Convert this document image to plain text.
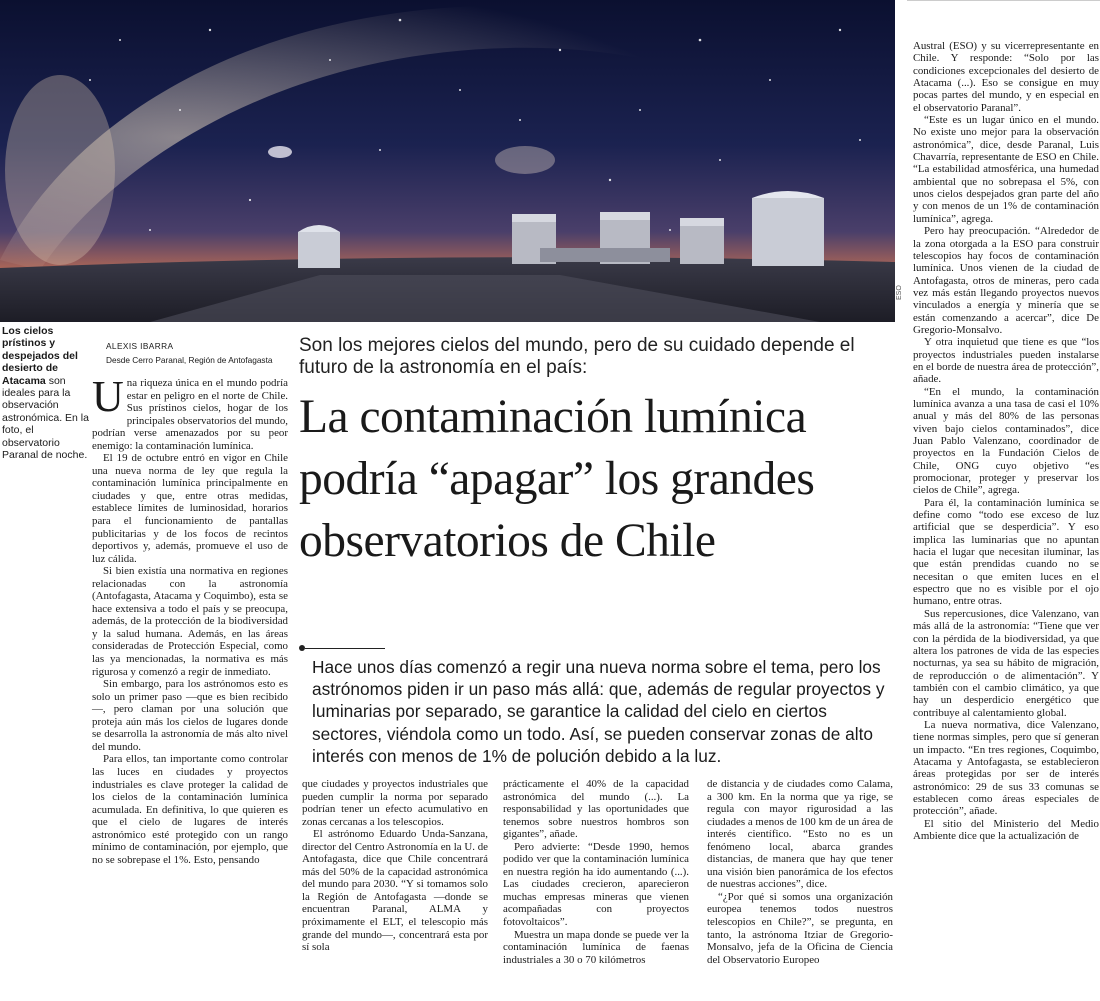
ESO
Los cielos prístinos y despejados del desierto de Atacama son ideales para la observación astronómica. En la foto, el observatorio Paranal de noche.
ALEXIS IBARRA
Desde Cerro Paranal, Región de Antofagasta
Son los mejores cielos del mundo, pero de su cuidado depende el futuro de la astronomía en el país:
La contaminación lumínica podría “apagar” los grandes observatorios de Chile
Hace unos días comenzó a regir una nueva norma sobre el tema, pero los astrónomos piden ir un paso más allá: que, además de regular proyectos y luminarias por separado, se garantice la calidad del cielo en ciertos sectores, viéndola como un todo. Así, se pueden conservar zonas de alto interés con menos de 1% de polución debido a la luz.

Una riqueza única en el mundo podría estar en peligro en el norte de Chile. Sus prístinos cielos, hogar de los principales observatorios del mundo, podrían verse amenazados por su peor enemigo: la contaminación lumínica.

El 19 de octubre entró en vigor en Chile una nueva norma de ley que regula la contaminación lumínica principalmente en ciudades y que, entre otras medidas, establece límites de luminosidad, horarios para el funcionamiento de pantallas publicitarias y de los focos de recintos deportivos y, además, promueve el uso de luz cálida.

Si bien existía una normativa en regiones relacionadas con la astronomía (Antofagasta, Atacama y Coquimbo), esta se hace extensiva a todo el país y se preocupa, además, de la protección de la biodiversidad y la salud humana. Además, en las áreas consideradas de Protección Especial, como las ya mencionadas, la normativa es más rigurosa y comenzó a regir de inmediato.

Sin embargo, para los astrónomos esto es solo un primer paso —que es bien recibido—, pero claman por una solución que proteja aún más los cielos de lugares donde se desarrolla la astronomía de más alto nivel del mundo.

Para ellos, tan importante como controlar las luces en ciudades y proyectos industriales es clave proteger la calidad de los cielos de la contaminación lumínica acumulada. En definitiva, lo que quieren es que el cielo de lugares de interés astronómico esté protegido con un rango mínimo de contaminación, por ejemplo, que no se sobrepase el 1%. Esto, pensando

que ciudades y proyectos industriales que pueden cumplir la norma por separado podrían tener un efecto acumulativo en zonas cercanas a los telescopios.

El astrónomo Eduardo Unda-Sanzana, director del Centro Astronomía en la U. de Antofagasta, dice que Chile concentrará más del 50% de la capacidad astronómica del mundo para 2030. “Y si tomamos solo la Región de Antofagasta —donde se encuentran Paranal, ALMA y próximamente el ELT, el telescopio más grande del mundo—, concentrará esta por sí sola

prácticamente el 40% de la capacidad astronómica del mundo (...). La responsabilidad y las oportunidades que tenemos sobre nuestros hombros son gigantes”, añade.

Pero advierte: “Desde 1990, hemos podido ver que la contaminación lumínica en nuestra región ha ido aumentando (...). Las ciudades crecieron, aparecieron muchas empresas mineras que vienen acompañadas con proyectos fotovoltaicos”.

Muestra un mapa donde se puede ver la contaminación lumínica de faenas industriales a 30 o 70 kilómetros

de distancia y de ciudades como Calama, a 300 km. En la norma que ya rige, se regula con mayor rigurosidad a las ciudades a menos de 100 km de un área de interés científico. “Esto no es un fenómeno local, abarca grandes distancias, de manera que hay que tener una visión bien panorámica de los efectos de nuestras acciones”, dice.

“¿Por qué si somos una organización europea tenemos todos nuestros telescopios en Chile?”, se pregunta, en tanto, la astrónoma Itziar de Gregorio-Monsalvo, jefa de la Oficina de Ciencia del Observatorio Europeo

Austral (ESO) y su vicerrepresentante en Chile. Y responde: “Solo por las condiciones excepcionales del desierto de Atacama (...). Eso se consigue en muy pocas partes del mundo, y en especial en el observatorio Paranal”.

“Este es un lugar único en el mundo. No existe uno mejor para la observación astronómica”, dice, desde Paranal, Luis Chavarría, representante de ESO en Chile. “La estabilidad atmosférica, una humedad ambiental que no sobrepasa el 5%, con unos cielos despejados gran parte del año y con menos de un 1% de contaminación lumínica”, agrega.

Pero hay preocupación. “Alrededor de la zona otorgada a la ESO para construir telescopios hay focos de contaminación lumínica. Unos vienen de la ciudad de Antofagasta, otros de mineras, pero cada vez más están llegando proyectos nuevos vinculados a energía y minería que se están comenzando a acercar”, dice De Gregorio-Monsalvo.

Y otra inquietud que tiene es que “los proyectos industriales pueden instalarse en el borde de nuestra área de protección”, añade.

“En el mundo, la contaminación lumínica avanza a una tasa de casi el 10% anual y más del 80% de las personas viven bajo cielos contaminados”, dice Juan Pablo Valenzano, coordinador de proyectos en la Fundación Cielos de Chile, ONG cuyo objetivo “es promocionar, proteger y preservar los cielos de Chile”, agrega.

Para él, la contaminación lumínica se define como “todo ese exceso de luz artificial que se desperdicia”. Y eso implica las luminarias que no apuntan hacia el lugar que necesitan iluminar, las que están prendidas cuando no se necesitan o que emiten luces en el espectro que no es visible por el ojo humano, entre otras.

Sus repercusiones, dice Valenzano, van más allá de la astronomía: “Tiene que ver con la pérdida de la biodiversidad, ya que altera los patrones de vida de las especies nocturnas, ya sea su hábito de migración, de reproducción o de alimentación”. Y también con el cambio climático, ya que hay un desperdicio energético que contribuye al calentamiento global.

La nueva normativa, dice Valenzano, tiene normas simples, pero que sí generan un impacto. “En tres regiones, Coquimbo, Atacama y Antofagasta, se establecieron áreas protegidas por ser de interés astronómico: 29 de sus 33 comunas se establecen como áreas especiales de protección”, añade.

El sitio del Ministerio del Medio Ambiente dice que la actualización de
